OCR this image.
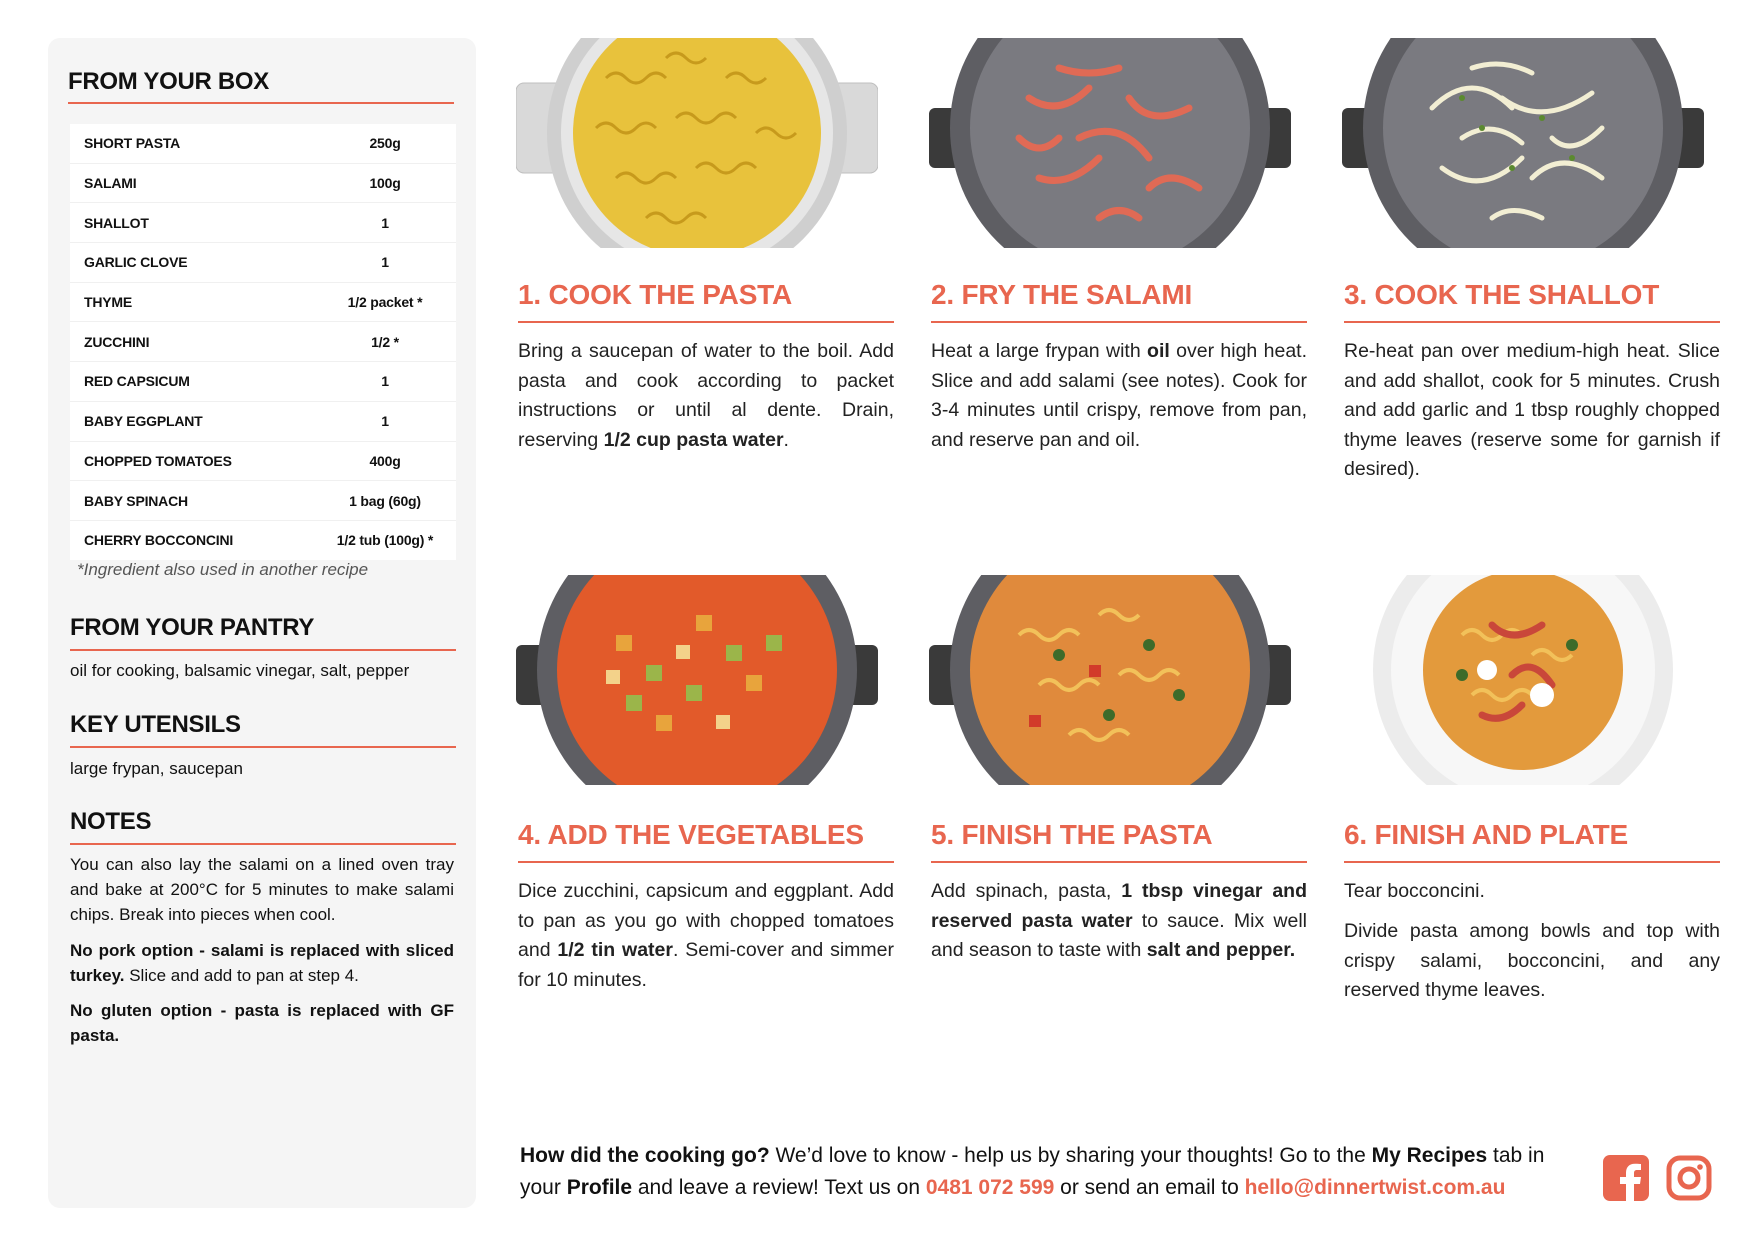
FROM YOUR BOX
SHORT PASTA	250g
SALAMI	100g
SHALLOT	1
GARLIC CLOVE	1
THYME	1/2 packet *
ZUCCHINI	1/2 *
RED CAPSICUM	1
BABY EGGPLANT	1
CHOPPED TOMATOES	400g
BABY SPINACH	1 bag (60g)
CHERRY BOCCONCINI	1/2 tub (100g) *
*Ingredient also used in another recipe
FROM YOUR PANTRY

oil for cooking, balsamic vinegar, salt, pepper

KEY UTENSILS

large frypan, saucepan

NOTES

You can also lay the salami on a lined oven tray and bake at 200°C for 5 minutes to make salami chips. Break into pieces when cool.

No pork option - salami is replaced with sliced turkey. Slice and add to pan at step 4.

No gluten option - pasta is replaced with GF pasta.

1. COOK THE PASTA

Bring a saucepan of water to the boil. Add pasta and cook according to packet instructions or until al dente. Drain, reserving 1/2 cup pasta water.

2. FRY THE SALAMI

Heat a large frypan with oil over high heat. Slice and add salami (see notes). Cook for 3-4 minutes until crispy, remove from pan, and reserve pan and oil.

3. COOK THE SHALLOT

Re-heat pan over medium-high heat. Slice and add shallot, cook for 5 minutes. Crush and add garlic and 1 tbsp roughly chopped thyme leaves (reserve some for garnish if desired).

4. ADD THE VEGETABLES

Dice zucchini, capsicum and eggplant. Add to pan as you go with chopped tomatoes and 1/2 tin water. Semi-cover and simmer for 10 minutes.

5. FINISH THE PASTA

Add spinach, pasta, 1 tbsp vinegar and reserved pasta water to sauce. Mix well and season to taste with salt and pepper.

6. FINISH AND PLATE

Tear bocconcini.

Divide pasta among bowls and top with crispy salami, bocconcini, and any reserved thyme leaves.

How did the cooking go? We’d love to know - help us by sharing your thoughts! Go to the My Recipes tab in your Profile and leave a review! Text us on 0481 072 599 or send an email to hello@dinnertwist.com.au
